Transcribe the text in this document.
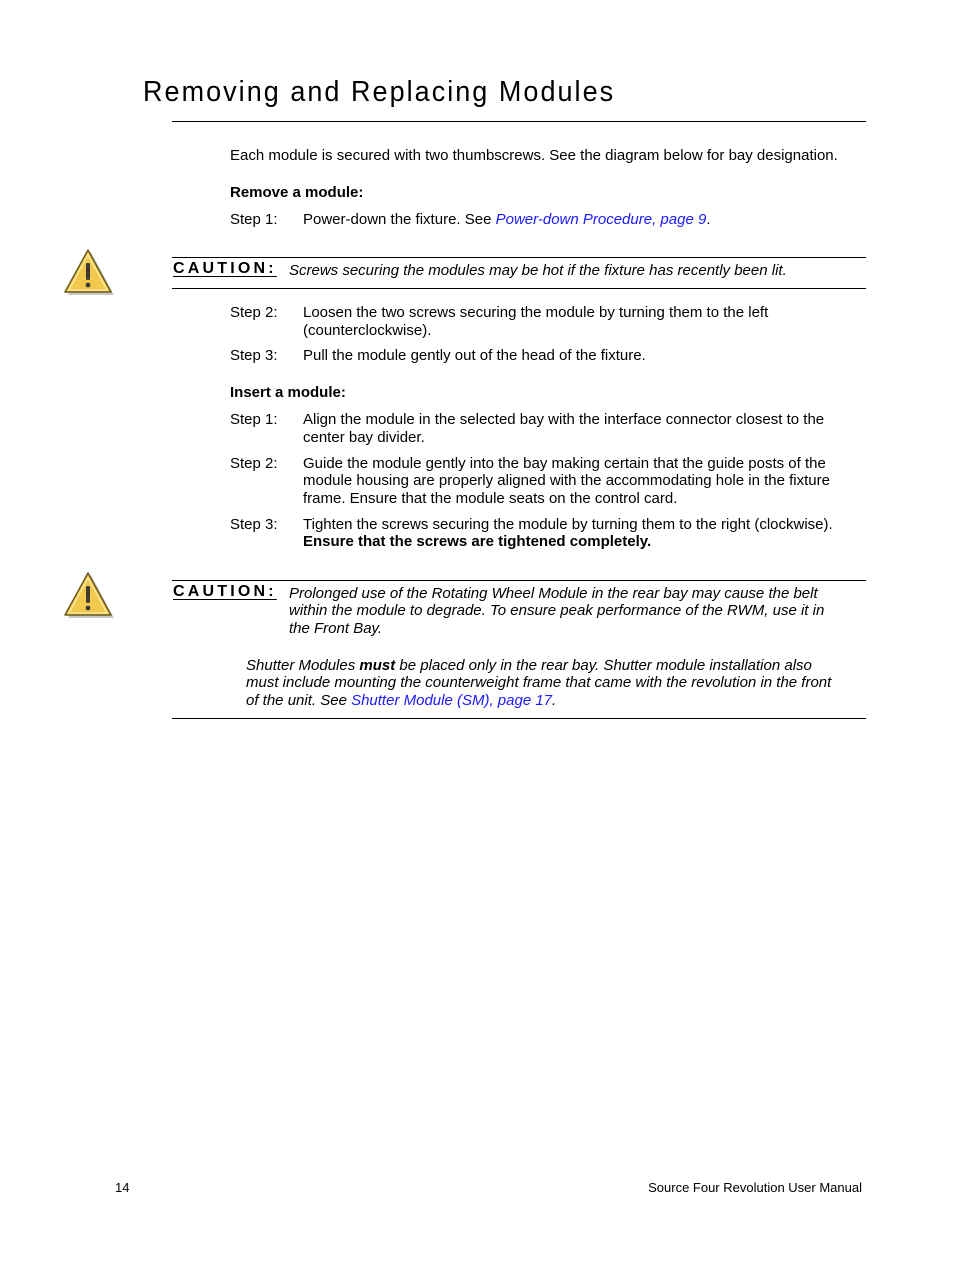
Removing and Replacing Modules
Each module is secured with two thumbscrews. See the diagram below for bay designation.
Remove a module:
Step 1: Power-down the fixture. See Power-down Procedure, page 9.
CAUTION: Screws securing the modules may be hot if the fixture has recently been lit.
Step 2: Loosen the two screws securing the module by turning them to the left
(counterclockwise).
Step 3: Pull the module gently out of the head of the fixture.
Insert a module:
Step 1: Align the module in the selected bay with the interface connector closest to the
center bay divider.
Step 2: Guide the module gently into the bay making certain that the guide posts of the
module housing are properly aligned with the accommodating hole in the fixture
frame. Ensure that the module seats on the control card.
Step 3: Tighten the screws securing the module by turning them to the right (clockwise).
Ensure that the screws are tightened completely.
CAUTION: Prolonged use of the Rotating Wheel Module in the rear bay may cause the belt
within the module to degrade. To ensure peak performance of the RWM, use it in
the Front Bay.
Shutter Modules must be placed only in the rear bay. Shutter module installation also
must include mounting the counterweight frame that came with the revolution in the front
of the unit. See Shutter Module (SM), page 17.
14	Source Four Revolution User Manual
